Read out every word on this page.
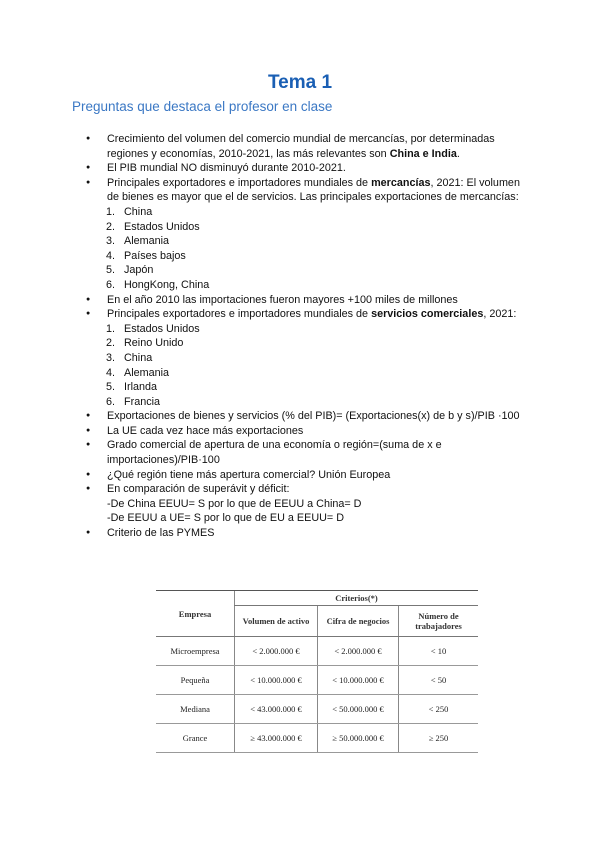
Tema 1
Preguntas que destaca el profesor en clase
● Crecimiento del volumen del comercio mundial de mercancías, por determinadas regiones y economías, 2010-2021, las más relevantes son China e India.
● El PIB mundial NO disminuyó durante 2010-2021.
● Principales exportadores e importadores mundiales de mercancías, 2021: El volumen de bienes es mayor que el de servicios. Las principales exportaciones de mercancías:
1. China
2. Estados Unidos
3. Alemania
4. Países bajos
5. Japón
6. HongKong, China
● En el año 2010 las importaciones fueron mayores +100 miles de millones
● Principales exportadores e importadores mundiales de servicios comerciales, 2021:
1. Estados Unidos
2. Reino Unido
3. China
4. Alemania
5. Irlanda
6. Francia
● Exportaciones de bienes y servicios (% del PIB)= (Exportaciones(x) de b y s)/PIB ·100
● La UE cada vez hace más exportaciones
● Grado comercial de apertura de una economía o región=(suma de x e importaciones)/PIB·100
● ¿Qué región tiene más apertura comercial? Unión Europea
● En comparación de superávit y déficit:
-De China EEUU= S por lo que de EEUU a China= D
-De EEUU a UE= S por lo que de EU a EEUU= D
● Criterio de las PYMES
Empresa	Criterios(*)		
	Volumen de activo	Cifra de negocios	Número de trabajadores
Microempresa	< 2.000.000 €	< 2.000.000 €	< 10
Pequeña	< 10.000.000 €	< 10.000.000 €	< 50
Mediana	< 43.000.000 €	< 50.000.000 €	< 250
Grance	≥ 43.000.000 €	≥ 50.000.000 €	≥ 250
